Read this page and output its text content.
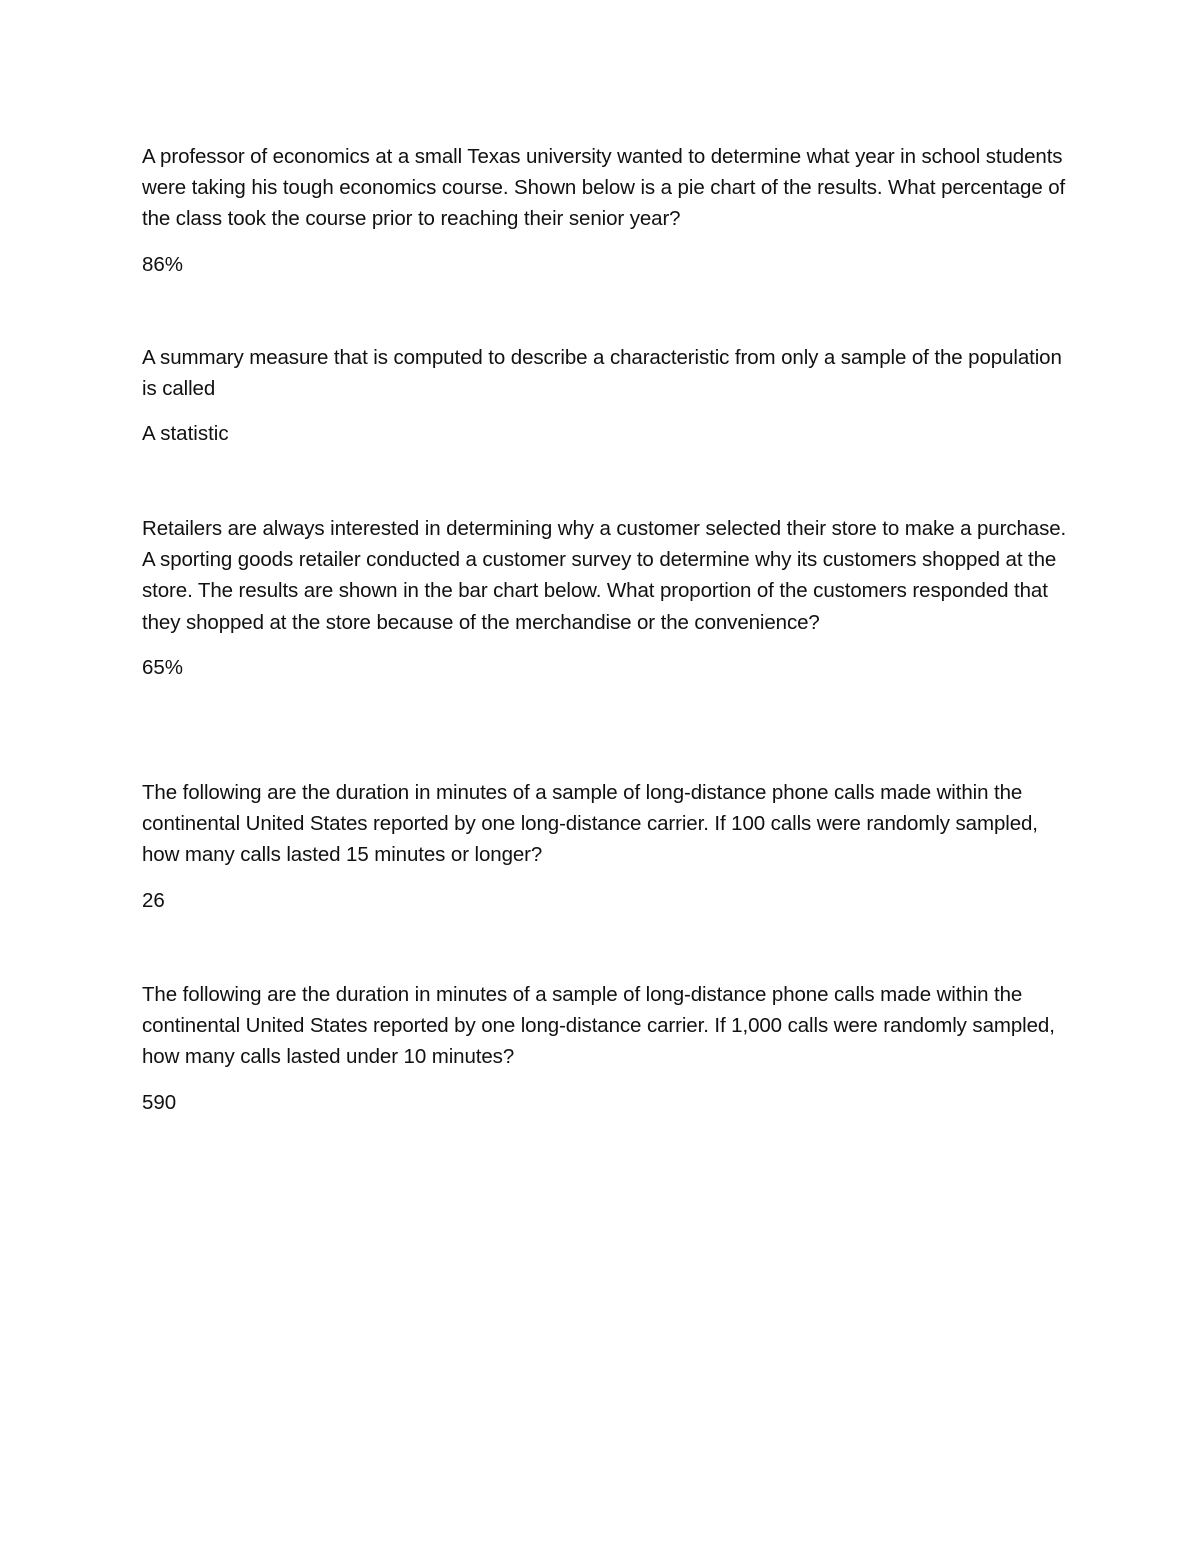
A professor of economics at a small Texas university wanted to determine what year in school students were taking his tough economics course. Shown below is a pie chart of the results. What percentage of the class took the course prior to reaching their senior year?

86%

A summary measure that is computed to describe a characteristic from only a sample of the population is called

A statistic

Retailers are always interested in determining why a customer selected their store to make a purchase. A sporting goods retailer conducted a customer survey to determine why its customers shopped at the store. The results are shown in the bar chart below. What proportion of the customers responded that they shopped at the store because of the merchandise or the convenience?

65%

The following are the duration in minutes of a sample of long-distance phone calls made within the continental United States reported by one long-distance carrier. If 100 calls were randomly sampled, how many calls lasted 15 minutes or longer?

26

The following are the duration in minutes of a sample of long-distance phone calls made within the continental United States reported by one long-distance carrier. If 1,000 calls were randomly sampled, how many calls lasted under 10 minutes?

590
